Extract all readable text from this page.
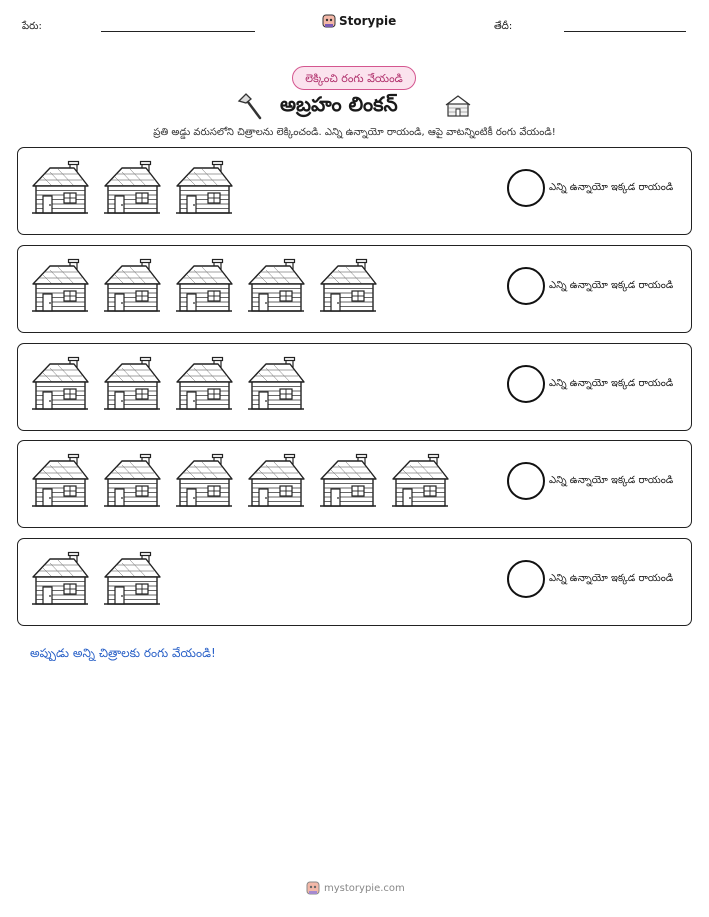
పేరు:	Storypie	తేదీ:
లెక్కించి రంగు వేయండి
అబ్రహం లింకన్
ప్రతి అడ్డు వరుసలోని చిత్రాలను లెక్కించండి. ఎన్ని ఉన్నాయో రాయండి, ఆపై వాటన్నింటికీ రంగు వేయండి!
ఎన్ని ఉన్నాయో ఇక్కడ రాయండి
ఎన్ని ఉన్నాయో ఇక్కడ రాయండి
ఎన్ని ఉన్నాయో ఇక్కడ రాయండి
ఎన్ని ఉన్నాయో ఇక్కడ రాయండి
ఎన్ని ఉన్నాయో ఇక్కడ రాయండి
అప్పుడు అన్ని చిత్రాలకు రంగు వేయండి!
mystorypie.com
